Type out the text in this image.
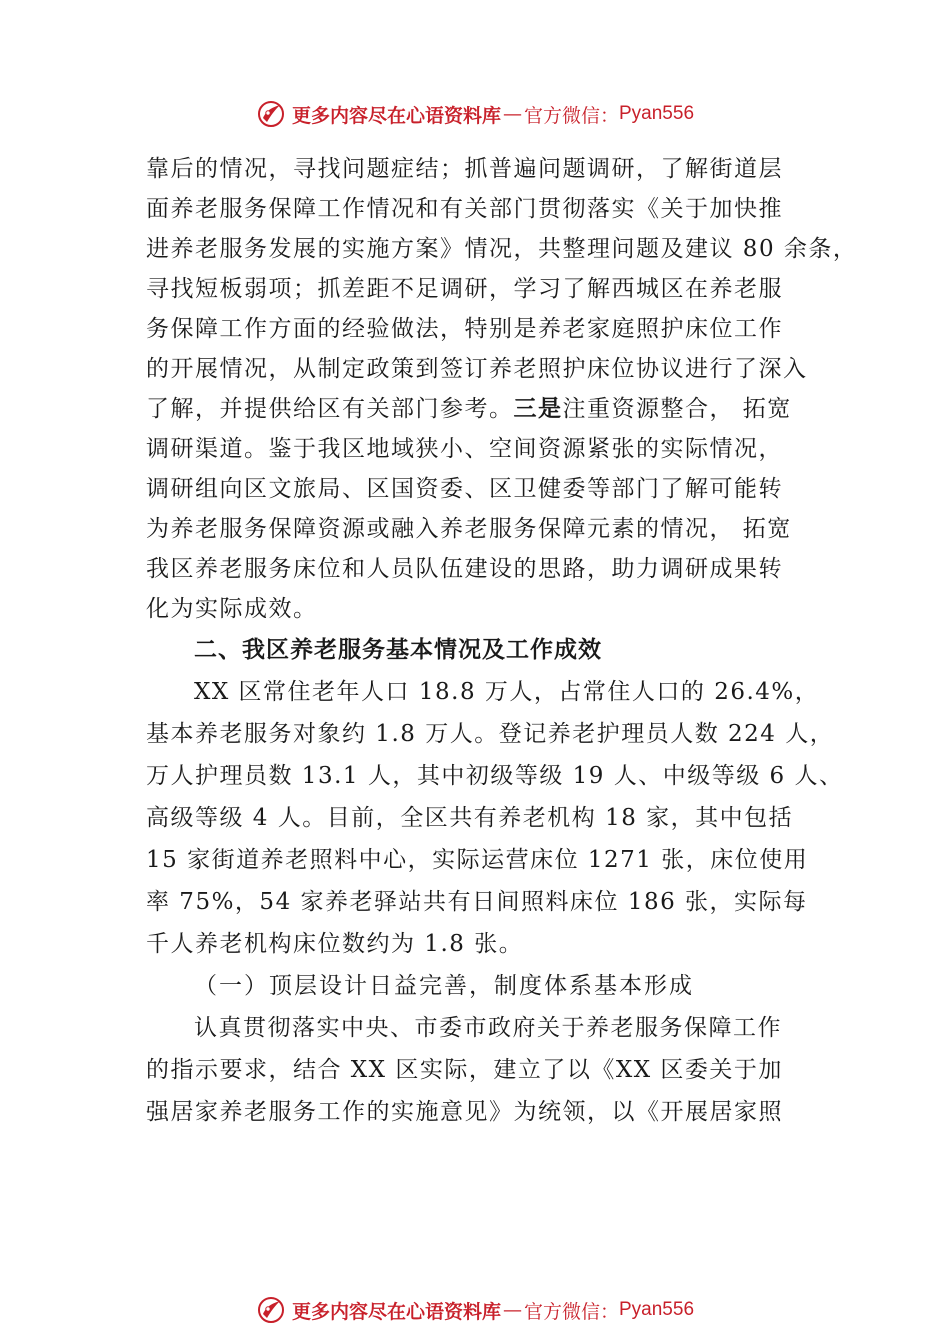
更多内容尽在心语资料库 — 官方微信： Pyan556
靠后的情况，寻找问题症结；抓普遍问题调研，了解街道层
面养老服务保障工作情况和有关部门贯彻落实《关于加快推
进养老服务发展的实施方案》情况，共整理问题及建议 80 余条，
寻找短板弱项；抓差距不足调研，学习了解西城区在养老服
务保障工作方面的经验做法，特别是养老家庭照护床位工作
的开展情况，从制定政策到签订养老照护床位协议进行了深入
了解，并提供给区有关部门参考。三是注重资源整合， 拓宽
调研渠道。鉴于我区地域狭小、空间资源紧张的实际情况，
调研组向区文旅局、区国资委、区卫健委等部门了解可能转
为养老服务保障资源或融入养老服务保障元素的情况， 拓宽
我区养老服务床位和人员队伍建设的思路，助力调研成果转
化为实际成效。
二、我区养老服务基本情况及工作成效
XX 区常住老年人口 18.8 万人，占常住人口的 26.4%，
基本养老服务对象约 1.8 万人。登记养老护理员人数 224 人，
万人护理员数 13.1 人，其中初级等级 19 人、中级等级 6 人、
高级等级 4 人。目前，全区共有养老机构 18 家，其中包括
15 家街道养老照料中心，实际运营床位 1271 张，床位使用
率 75%，54 家养老驿站共有日间照料床位 186 张，实际每
千人养老机构床位数约为 1.8 张。
（一）顶层设计日益完善，制度体系基本形成
认真贯彻落实中央、市委市政府关于养老服务保障工作
的指示要求，结合 XX 区实际，建立了以《XX 区委关于加
强居家养老服务工作的实施意见》为统领，以《开展居家照
更多内容尽在心语资料库 — 官方微信： Pyan556
